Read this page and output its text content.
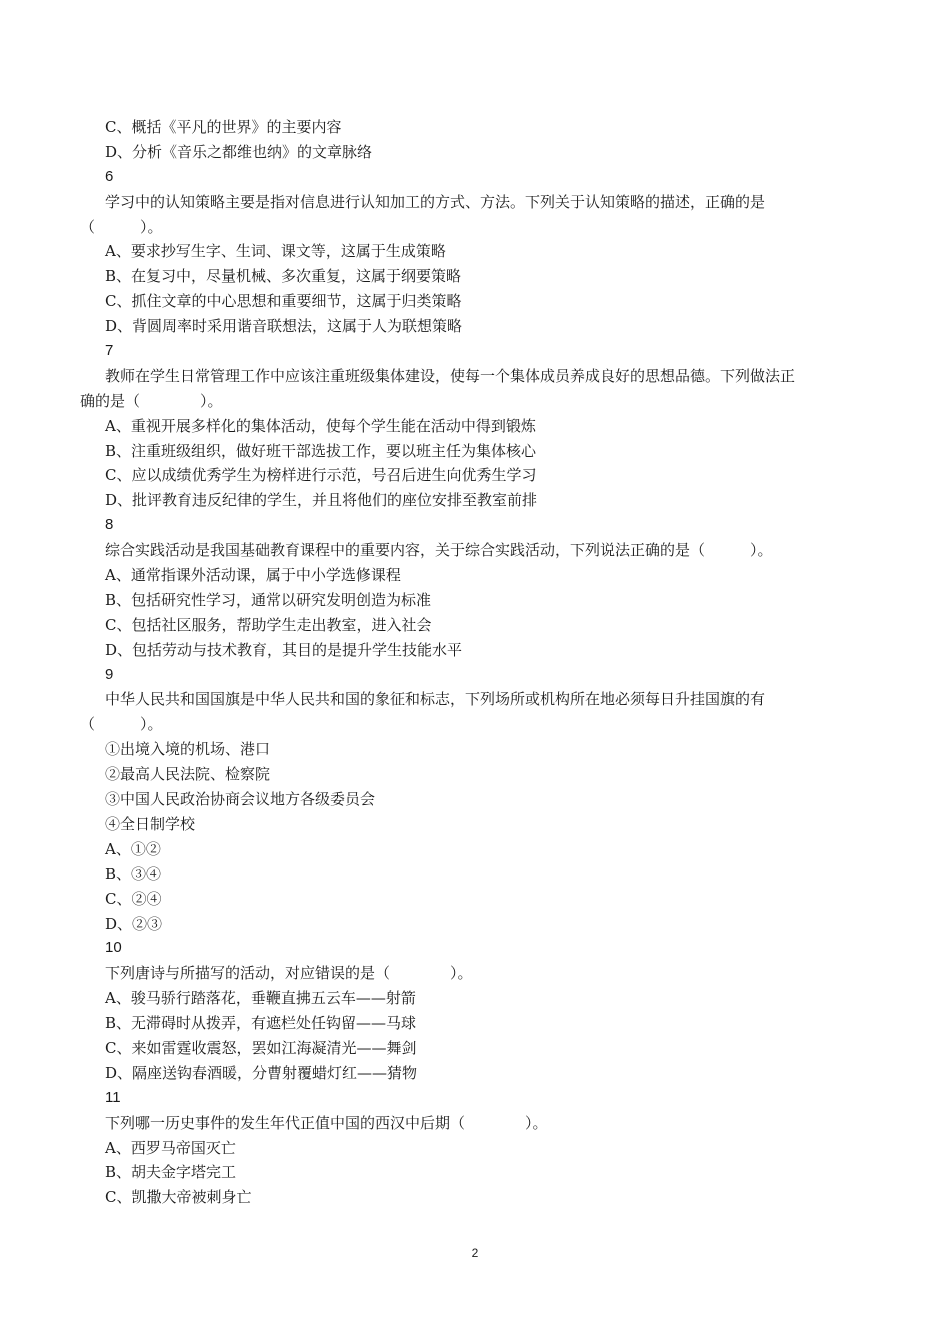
C、概括《平凡的世界》的主要内容
D、分析《音乐之都维也纳》的文章脉络
6
学习中的认知策略主要是指对信息进行认知加工的方式、方法。下列关于认知策略的描述，正确的是
（　　　）。
A、要求抄写生字、生词、课文等，这属于生成策略
B、在复习中，尽量机械、多次重复，这属于纲要策略
C、抓住文章的中心思想和重要细节，这属于归类策略
D、背圆周率时采用谐音联想法，这属于人为联想策略
7
教师在学生日常管理工作中应该注重班级集体建设，使每一个集体成员养成良好的思想品德。下列做法正
确的是（　　　　）。
A、重视开展多样化的集体活动，使每个学生能在活动中得到锻炼
B、注重班级组织，做好班干部选拔工作，要以班主任为集体核心
C、应以成绩优秀学生为榜样进行示范，号召后进生向优秀生学习
D、批评教育违反纪律的学生，并且将他们的座位安排至教室前排
8
综合实践活动是我国基础教育课程中的重要内容，关于综合实践活动，下列说法正确的是（　　　）。
A、通常指课外活动课，属于中小学选修课程
B、包括研究性学习，通常以研究发明创造为标准
C、包括社区服务，帮助学生走出教室，进入社会
D、包括劳动与技术教育，其目的是提升学生技能水平
9
中华人民共和国国旗是中华人民共和国的象征和标志，下列场所或机构所在地必须每日升挂国旗的有
（　　　）。
①出境入境的机场、港口
②最高人民法院、检察院
③中国人民政治协商会议地方各级委员会
④全日制学校
A、①②
B、③④
C、②④
D、②③
10
下列唐诗与所描写的活动，对应错误的是（　　　　）。
A、骏马骄行踏落花，垂鞭直拂五云车——射箭
B、无滞碍时从拨弄，有遮栏处任钩留——马球
C、来如雷霆收震怒，罢如江海凝清光——舞剑
D、隔座送钩春酒暖，分曹射覆蜡灯红——猜物
11
下列哪一历史事件的发生年代正值中国的西汉中后期（　　　　）。
A、西罗马帝国灭亡
B、胡夫金字塔完工
C、凯撒大帝被刺身亡
2
